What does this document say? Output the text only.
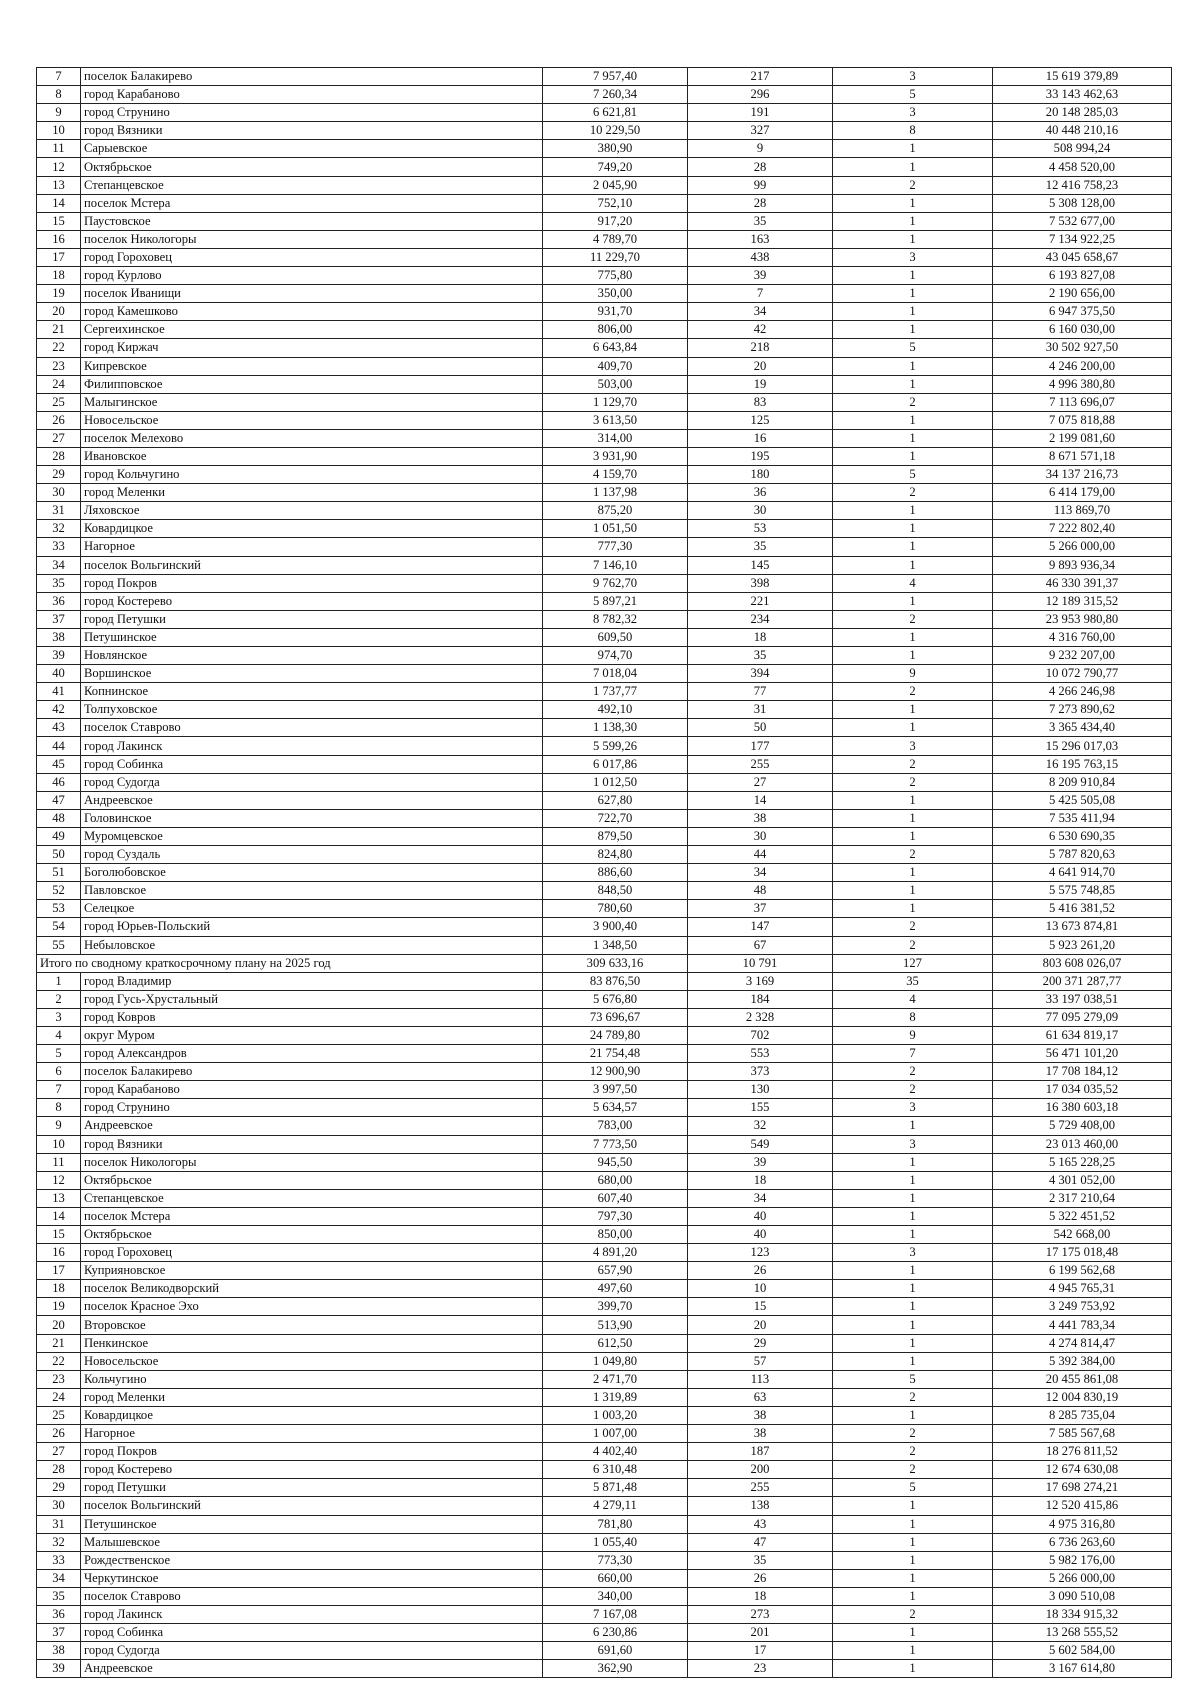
7	поселок Балакирево	7 957,40	217	3	15 619 379,89
8	город Карабаново	7 260,34	296	5	33 143 462,63
9	город Струнино	6 621,81	191	3	20 148 285,03
10	город Вязники	10 229,50	327	8	40 448 210,16
11	Сарыевское	380,90	9	1	508 994,24
12	Октябрьское	749,20	28	1	4 458 520,00
13	Степанцевское	2 045,90	99	2	12 416 758,23
14	поселок Мстера	752,10	28	1	5 308 128,00
15	Паустовское	917,20	35	1	7 532 677,00
16	поселок Никологоры	4 789,70	163	1	7 134 922,25
17	город Гороховец	11 229,70	438	3	43 045 658,67
18	город Курлово	775,80	39	1	6 193 827,08
19	поселок Иванищи	350,00	7	1	2 190 656,00
20	город Камешково	931,70	34	1	6 947 375,50
21	Сергеихинское	806,00	42	1	6 160 030,00
22	город Киржач	6 643,84	218	5	30 502 927,50
23	Кипревское	409,70	20	1	4 246 200,00
24	Филипповское	503,00	19	1	4 996 380,80
25	Малыгинское	1 129,70	83	2	7 113 696,07
26	Новосельское	3 613,50	125	1	7 075 818,88
27	поселок Мелехово	314,00	16	1	2 199 081,60
28	Ивановское	3 931,90	195	1	8 671 571,18
29	город Кольчугино	4 159,70	180	5	34 137 216,73
30	город Меленки	1 137,98	36	2	6 414 179,00
31	Ляховское	875,20	30	1	113 869,70
32	Ковардицкое	1 051,50	53	1	7 222 802,40
33	Нагорное	777,30	35	1	5 266 000,00
34	поселок Вольгинский	7 146,10	145	1	9 893 936,34
35	город Покров	9 762,70	398	4	46 330 391,37
36	город Костерево	5 897,21	221	1	12 189 315,52
37	город Петушки	8 782,32	234	2	23 953 980,80
38	Петушинское	609,50	18	1	4 316 760,00
39	Новлянское	974,70	35	1	9 232 207,00
40	Воршинское	7 018,04	394	9	10 072 790,77
41	Копнинское	1 737,77	77	2	4 266 246,98
42	Толпуховское	492,10	31	1	7 273 890,62
43	поселок Ставрово	1 138,30	50	1	3 365 434,40
44	город Лакинск	5 599,26	177	3	15 296 017,03
45	город Собинка	6 017,86	255	2	16 195 763,15
46	город Судогда	1 012,50	27	2	8 209 910,84
47	Андреевское	627,80	14	1	5 425 505,08
48	Головинское	722,70	38	1	7 535 411,94
49	Муромцевское	879,50	30	1	6 530 690,35
50	город Суздаль	824,80	44	2	5 787 820,63
51	Боголюбовское	886,60	34	1	4 641 914,70
52	Павловское	848,50	48	1	5 575 748,85
53	Селецкое	780,60	37	1	5 416 381,52
54	город Юрьев-Польский	3 900,40	147	2	13 673 874,81
55	Небыловское	1 348,50	67	2	5 923 261,20
Итого по сводному краткосрочному плану на 2025 год		309 633,16	10 791	127	803 608 026,07
1	город Владимир	83 876,50	3 169	35	200 371 287,77
2	город Гусь-Хрустальный	5 676,80	184	4	33 197 038,51
3	город Ковров	73 696,67	2 328	8	77 095 279,09
4	округ Муром	24 789,80	702	9	61 634 819,17
5	город Александров	21 754,48	553	7	56 471 101,20
6	поселок Балакирево	12 900,90	373	2	17 708 184,12
7	город Карабаново	3 997,50	130	2	17 034 035,52
8	город Струнино	5 634,57	155	3	16 380 603,18
9	Андреевское	783,00	32	1	5 729 408,00
10	город Вязники	7 773,50	549	3	23 013 460,00
11	поселок Никологоры	945,50	39	1	5 165 228,25
12	Октябрьское	680,00	18	1	4 301 052,00
13	Степанцевское	607,40	34	1	2 317 210,64
14	поселок Мстера	797,30	40	1	5 322 451,52
15	Октябрьское	850,00	40	1	542 668,00
16	город Гороховец	4 891,20	123	3	17 175 018,48
17	Куприяновское	657,90	26	1	6 199 562,68
18	поселок Великодворский	497,60	10	1	4 945 765,31
19	поселок Красное Эхо	399,70	15	1	3 249 753,92
20	Второвское	513,90	20	1	4 441 783,34
21	Пенкинское	612,50	29	1	4 274 814,47
22	Новосельское	1 049,80	57	1	5 392 384,00
23	Кольчугино	2 471,70	113	5	20 455 861,08
24	город Меленки	1 319,89	63	2	12 004 830,19
25	Ковардицкое	1 003,20	38	1	8 285 735,04
26	Нагорное	1 007,00	38	2	7 585 567,68
27	город Покров	4 402,40	187	2	18 276 811,52
28	город Костерево	6 310,48	200	2	12 674 630,08
29	город Петушки	5 871,48	255	5	17 698 274,21
30	поселок Вольгинский	4 279,11	138	1	12 520 415,86
31	Петушинское	781,80	43	1	4 975 316,80
32	Малышевское	1 055,40	47	1	6 736 263,60
33	Рождественское	773,30	35	1	5 982 176,00
34	Черкутинское	660,00	26	1	5 266 000,00
35	поселок Ставрово	340,00	18	1	3 090 510,08
36	город Лакинск	7 167,08	273	2	18 334 915,32
37	город Собинка	6 230,86	201	1	13 268 555,52
38	город Судогда	691,60	17	1	5 602 584,00
39	Андреевское	362,90	23	1	3 167 614,80
